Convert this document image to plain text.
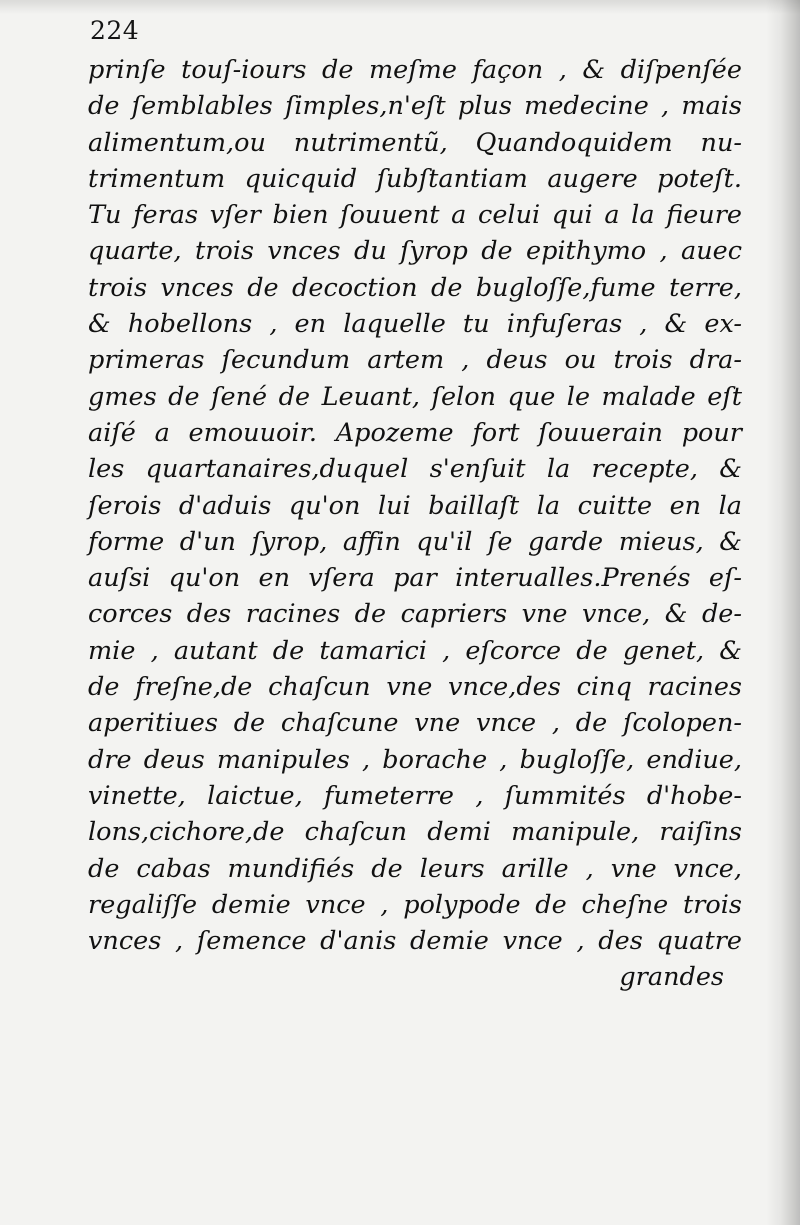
224
prinſe touſ-iours de meſme façon , & diſpenſée
de ſemblables ſimples,n'eſt plus medecine , mais
alimentum,ou nutrimentũ, Quandoquidem nu-
trimentum quicquid ſubſtantiam augere poteſt.
Tu feras vſer bien ſouuent a celui qui a la fieure
quarte, trois vnces du ſyrop de epithymo , auec
trois vnces de decoction de bugloſſe,fume terre,
& hobellons , en laquelle tu infuſeras , & ex-
primeras ſecundum artem , deus ou trois dra-
gmes de ſené de Leuant, ſelon que le malade eſt
aiſé a emouuoir. Apozeme fort ſouuerain pour
les quartanaires,duquel s'enſuit la recepte, &
ſerois d'aduis qu'on lui baillaſt la cuitte en la
forme d'un ſyrop, affin qu'il ſe garde mieus, &
auſsi qu'on en vſera par interualles.Prenés eſ-
corces des racines de capriers vne vnce, & de-
mie , autant de tamarici , eſcorce de genet, &
de freſne,de chaſcun vne vnce,des cinq racines
aperitiues de chaſcune vne vnce , de ſcolopen-
dre deus manipules , borache , bugloſſe, endiue,
vinette, laictue, fumeterre , ſummités d'hobe-
lons,cichore,de chaſcun demi manipule, raiſins
de cabas mundifiés de leurs arille , vne vnce,
regaliſſe demie vnce , polypode de cheſne trois
vnces , ſemence d'anis demie vnce , des quatre
grandes
